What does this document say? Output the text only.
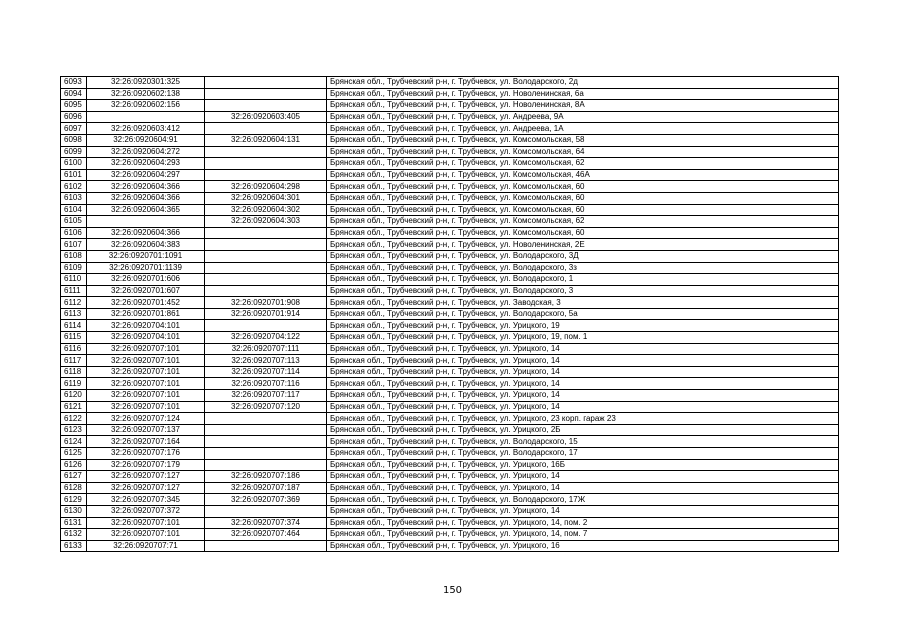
6093	32:26:0920301:325		Брянская обл., Трубчевский р-н, г. Трубчевск, ул. Володарского, 2д
6094	32:26:0920602:138		Брянская обл., Трубчевский р-н, г. Трубчевск, ул. Новоленинская, 6а
6095	32:26:0920602:156		Брянская обл., Трубчевский р-н, г. Трубчевск, ул. Новоленинская, 8А
6096		32:26:0920603:405	Брянская обл., Трубчевский р-н, г. Трубчевск, ул. Андреева, 9А
6097	32:26:0920603:412		Брянская обл., Трубчевский р-н, г. Трубчевск, ул. Андреева, 1А
6098	32:26:0920604:91	32:26:0920604:131	Брянская обл., Трубчевский р-н, г. Трубчевск, ул. Комсомольская, 58
6099	32:26:0920604:272		Брянская обл., Трубчевский р-н, г. Трубчевск, ул. Комсомольская, 64
6100	32:26:0920604:293		Брянская обл., Трубчевский р-н, г. Трубчевск, ул. Комсомольская, 62
6101	32:26:0920604:297		Брянская обл., Трубчевский р-н, г. Трубчевск, ул. Комсомольская, 46А
6102	32:26:0920604:366	32:26:0920604:298	Брянская обл., Трубчевский р-н, г. Трубчевск, ул. Комсомольская, 60
6103	32:26:0920604:366	32:26:0920604:301	Брянская обл., Трубчевский р-н, г. Трубчевск, ул. Комсомольская, 60
6104	32:26:0920604:365	32:26:0920604:302	Брянская обл., Трубчевский р-н, г. Трубчевск, ул. Комсомольская, 60
6105		32:26:0920604:303	Брянская обл., Трубчевский р-н, г. Трубчевск, ул. Комсомольская, 62
6106	32:26:0920604:366		Брянская обл., Трубчевский р-н, г. Трубчевск, ул. Комсомольская, 60
6107	32:26:0920604:383		Брянская обл., Трубчевский р-н, г. Трубчевск, ул. Новоленинская, 2Е
6108	32:26:0920701:1091		Брянская обл., Трубчевский р-н, г. Трубчевск, ул. Володарского, 3Д
6109	32:26:0920701:1139		Брянская обл., Трубчевский р-н, г. Трубчевск, ул. Володарского, 3з
6110	32:26:0920701:606		Брянская обл., Трубчевский р-н, г. Трубчевск, ул. Володарского, 1
6111	32:26:0920701:607		Брянская обл., Трубчевский р-н, г. Трубчевск, ул. Володарского, 3
6112	32:26:0920701:452	32:26:0920701:908	Брянская обл., Трубчевский р-н, г. Трубчевск, ул. Заводская, 3
6113	32:26:0920701:861	32:26:0920701:914	Брянская обл., Трубчевский р-н, г. Трубчевск, ул. Володарского, 5а
6114	32:26:0920704:101		Брянская обл., Трубчевский р-н, г. Трубчевск, ул. Урицкого, 19
6115	32:26:0920704:101	32:26:0920704:122	Брянская обл., Трубчевский р-н, г. Трубчевск, ул. Урицкого, 19, пом. 1
6116	32:26:0920707:101	32:26:0920707:111	Брянская обл., Трубчевский р-н, г. Трубчевск, ул. Урицкого, 14
6117	32:26:0920707:101	32:26:0920707:113	Брянская обл., Трубчевский р-н, г. Трубчевск, ул. Урицкого, 14
6118	32:26:0920707:101	32:26:0920707:114	Брянская обл., Трубчевский р-н, г. Трубчевск, ул. Урицкого, 14
6119	32:26:0920707:101	32:26:0920707:116	Брянская обл., Трубчевский р-н, г. Трубчевск, ул. Урицкого, 14
6120	32:26:0920707:101	32:26:0920707:117	Брянская обл., Трубчевский р-н, г. Трубчевск, ул. Урицкого, 14
6121	32:26:0920707:101	32:26:0920707:120	Брянская обл., Трубчевский р-н, г. Трубчевск, ул. Урицкого, 14
6122	32:26:0920707:124		Брянская обл., Трубчевский р-н, г. Трубчевск, ул. Урицкого, 23 корп. гараж 23
6123	32:26:0920707:137		Брянская обл., Трубчевский р-н, г. Трубчевск, ул. Урицкого, 2Б
6124	32:26:0920707:164		Брянская обл., Трубчевский р-н, г. Трубчевск, ул. Володарского, 15
6125	32:26:0920707:176		Брянская обл., Трубчевский р-н, г. Трубчевск, ул. Володарского, 17
6126	32:26:0920707:179		Брянская обл., Трубчевский р-н, г. Трубчевск, ул. Урицкого, 16Б
6127	32:26:0920707:127	32:26:0920707:186	Брянская обл., Трубчевский р-н, г. Трубчевск, ул. Урицкого, 14
6128	32:26:0920707:127	32:26:0920707:187	Брянская обл., Трубчевский р-н, г. Трубчевск, ул. Урицкого, 14
6129	32:26:0920707:345	32:26:0920707:369	Брянская обл., Трубчевский р-н, г. Трубчевск, ул. Володарского, 17Ж
6130	32:26:0920707:372		Брянская обл., Трубчевский р-н, г. Трубчевск, ул. Урицкого, 14
6131	32:26:0920707:101	32:26:0920707:374	Брянская обл., Трубчевский р-н, г. Трубчевск, ул. Урицкого, 14, пом. 2
6132	32:26:0920707:101	32:26:0920707:464	Брянская обл., Трубчевский р-н, г. Трубчевск, ул. Урицкого, 14, пом. 7
6133	32:26:0920707:71		Брянская обл., Трубчевский р-н, г. Трубчевск, ул. Урицкого, 16
150
